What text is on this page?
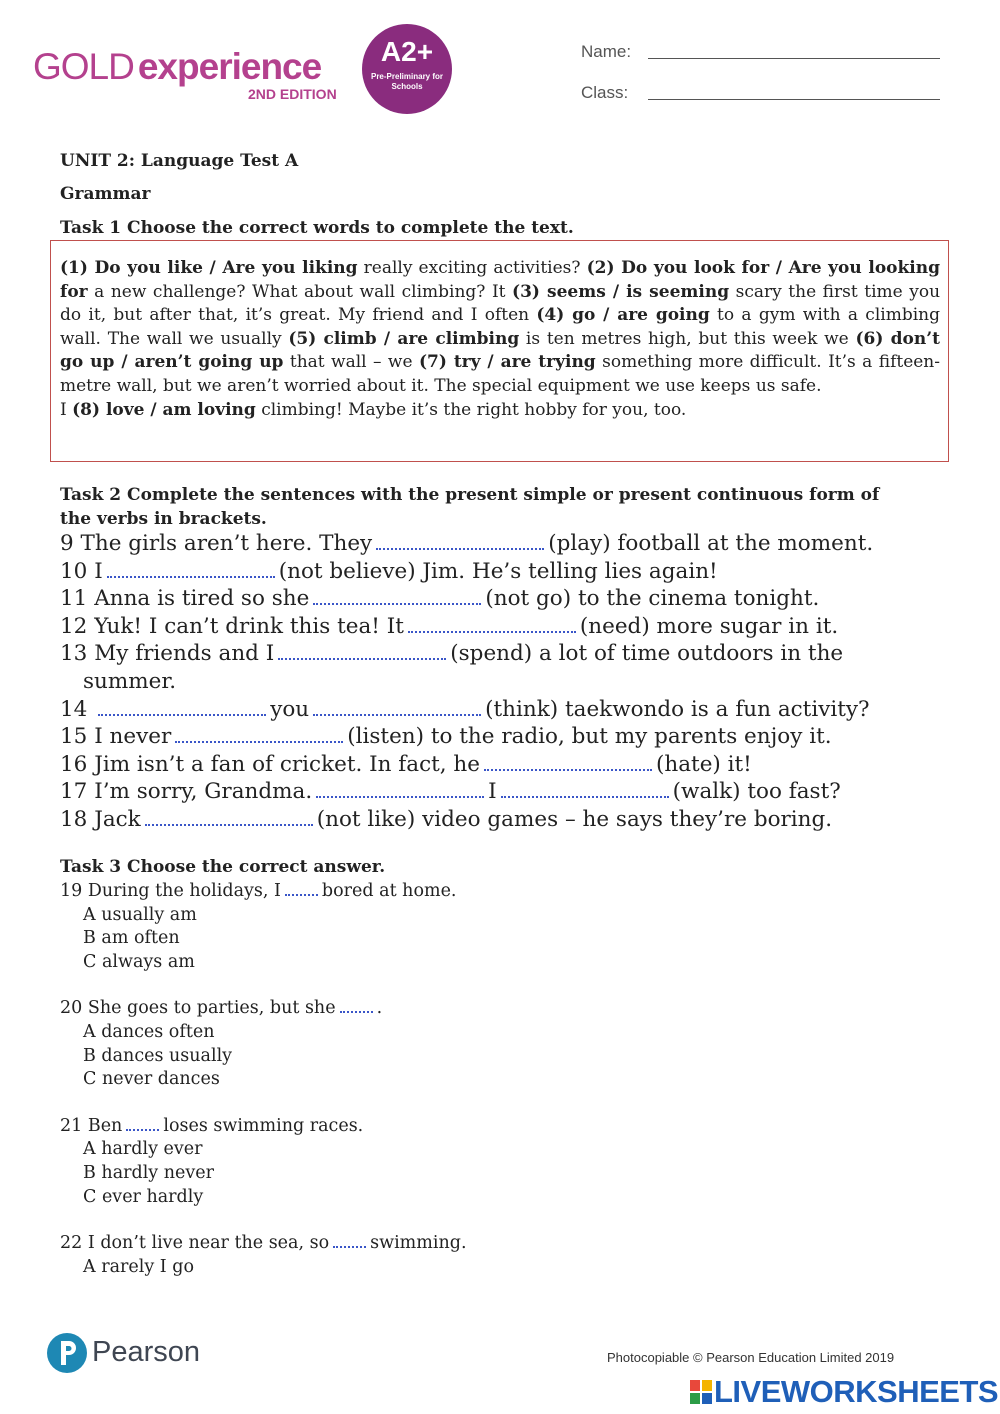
GOLD experience
2ND EDITION
A2+
Pre-Preliminary for Schools
Name:
Class:
UNIT 2: Language Test A
Grammar
Task 1 Choose the correct words to complete the text.
(1) Do you like / Are you liking really exciting activities? (2) Do you look for / Are you looking for a new challenge? What about wall climbing? It (3) seems / is seeming scary the first time you do it, but after that, it’s great. My friend and I often (4) go / are going to a gym with a climbing wall. The wall we usually (5) climb / are climbing is ten metres high, but this week we (6) don’t go up / aren’t going up that wall – we (7) try / are trying something more difficult. It’s a fifteen-metre wall, but we aren’t worried about it. The special equipment we use keeps us safe.
I (8) love / am loving climbing! Maybe it’s the right hobby for you, too.
Task 2 Complete the sentences with the present simple or present continuous form of the verbs in brackets.
9 The girls aren’t here. They	(play) football at the moment.
10 I	(not believe) Jim. He’s telling lies again!
11 Anna is tired so she	(not go) to the cinema tonight.
12 Yuk! I can’t drink this tea! It	(need) more sugar in it.
13 My friends and I	(spend) a lot of time outdoors in the
summer.
14	you	(think) taekwondo is a fun activity?
15 I never	(listen) to the radio, but my parents enjoy it.
16 Jim isn’t a fan of cricket. In fact, he	(hate) it!
17 I’m sorry, Grandma.	I	(walk) too fast?
18 Jack	(not like) video games – he says they’re boring.
Task 3 Choose the correct answer.
19 During the holidays, I bored at home.
A usually am
B am often
C always am
20 She goes to parties, but she .
A dances often
B dances usually
C never dances
21 Ben loses swimming races.
A hardly ever
B hardly never
C ever hardly
22 I don’t live near the sea, so swimming.
A rarely I go
Pearson	Photocopiable © Pearson Education Limited 2019
LIVEWORKSHEETS
